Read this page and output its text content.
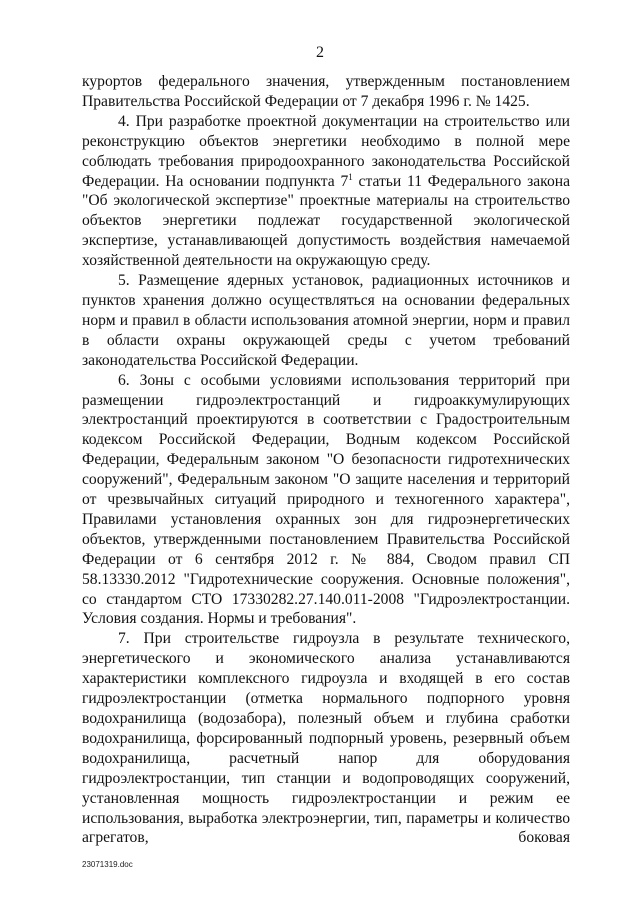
2

курортов федерального значения, утвержденным постановлением Правительства Российской Федерации от 7 декабря 1996 г. № 1425.

4. При разработке проектной документации на строительство или реконструкцию объектов энергетики необходимо в полной мере соблюдать требования природоохранного законодательства Российской Федерации. На основании подпункта $7^1$ статьи 11 Федерального закона "Об экологической экспертизе" проектные материалы на строительство объектов энергетики подлежат государственной экологической экспертизе, устанавливающей допустимость воздействия намечаемой хозяйственной деятельности на окружающую среду.

5. Размещение ядерных установок, радиационных источников и пунктов хранения должно осуществляться на основании федеральных норм и правил в области использования атомной энергии, норм и правил в области охраны окружающей среды с учетом требований законодательства Российской Федерации.

6. Зоны с особыми условиями использования территорий при размещении гидроэлектростанций и гидроаккумулирующих электростанций проектируются в соответствии с Градостроительным кодексом Российской Федерации, Водным кодексом Российской Федерации, Федеральным законом "О безопасности гидротехнических сооружений", Федеральным законом "О защите населения и территорий от чрезвычайных ситуаций природного и техногенного характера", Правилами установления охранных зон для гидроэнергетических объектов, утвержденными постановлением Правительства Российской Федерации от 6 сентября 2012 г. № 884, Сводом правил СП 58.13330.2012 "Гидротехнические сооружения. Основные положения", со стандартом СТО 17330282.27.140.011-2008 "Гидроэлектростанции. Условия создания. Нормы и требования".

7. При строительстве гидроузла в результате технического, энергетического и экономического анализа устанавливаются характеристики комплексного гидроузла и входящей в его состав гидроэлектростанции (отметка нормального подпорного уровня водохранилища (водозабора), полезный объем и глубина сработки водохранилища, форсированный подпорный уровень, резервный объем водохранилища, расчетный напор для оборудования гидроэлектростанции, тип станции и водопроводящих сооружений, установленная мощность гидроэлектростанции и режим ее использования, выработка электроэнергии, тип, параметры и количество агрегатов, боковая

23071319.doc
